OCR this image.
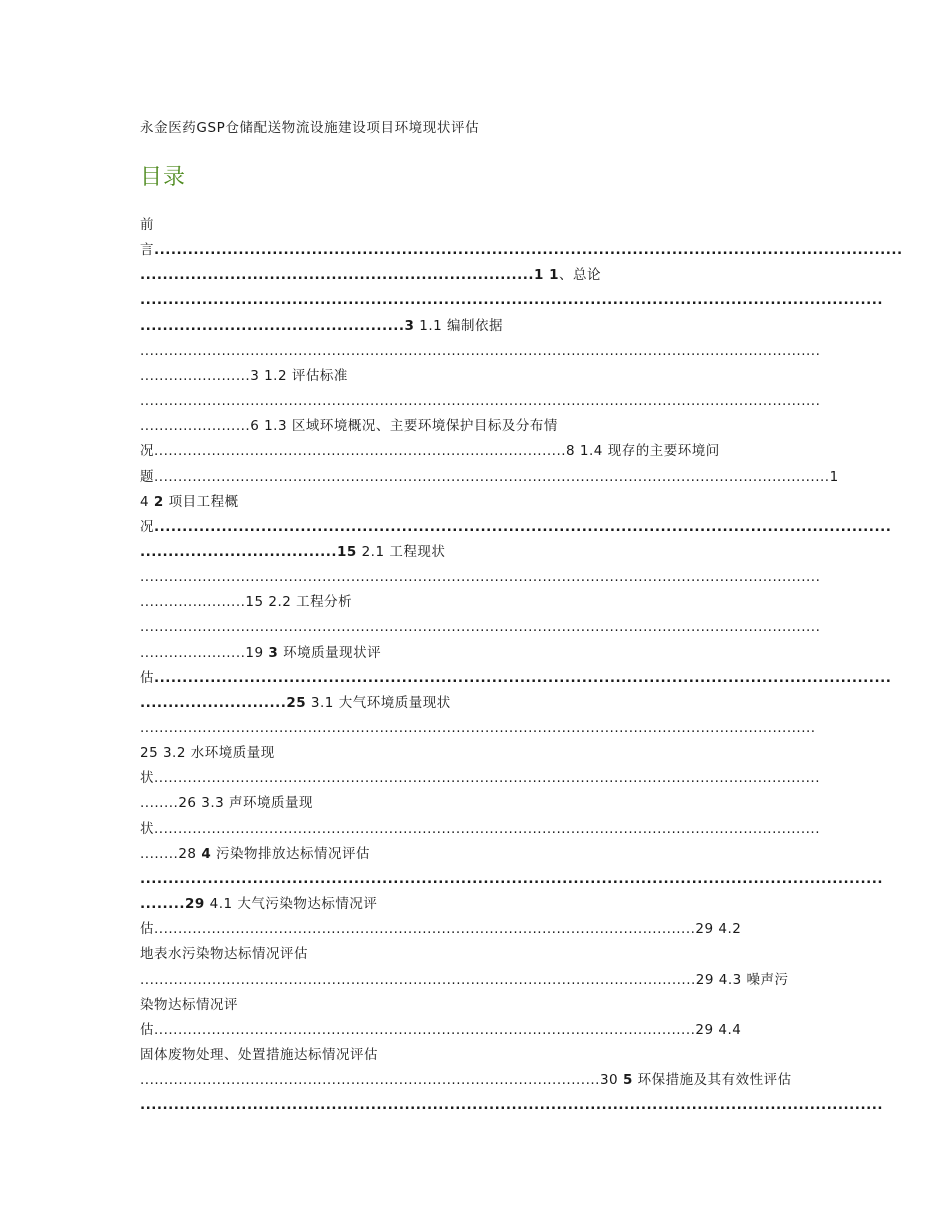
永金医药GSP仓储配送物流设施建设项目环境现状评估
目录
前
言.....................................................................................................................................
......................................................................1 1、总论
....................................................................................................................................
...............................................3 1.1 编制依据
..............................................................................................................................................
.......................3 1.2 评估标准
..............................................................................................................................................
.......................6 1.3 区域环境概况、主要环境保护目标及分布情
况......................................................................................8 1.4 现存的主要环境问
题.............................................................................................................................................1
4 2 项目工程概
况...................................................................................................................................
...................................15 2.1 工程现状
..............................................................................................................................................
......................15 2.2 工程分析
..............................................................................................................................................
......................19 3 环境质量现状评
估...................................................................................................................................
..........................25 3.1 大气环境质量现状
.............................................................................................................................................
25 3.2 水环境质量现
状...........................................................................................................................................
........26 3.3 声环境质量现
状...........................................................................................................................................
........28 4 污染物排放达标情况评估
....................................................................................................................................
........29 4.1 大气污染物达标情况评
估.................................................................................................................29 4.2
地表水污染物达标情况评估
....................................................................................................................29 4.3 噪声污
染物达标情况评
估.................................................................................................................29 4.4
固体废物处理、处置措施达标情况评估
................................................................................................30 5 环保措施及其有效性评估
....................................................................................................................................
